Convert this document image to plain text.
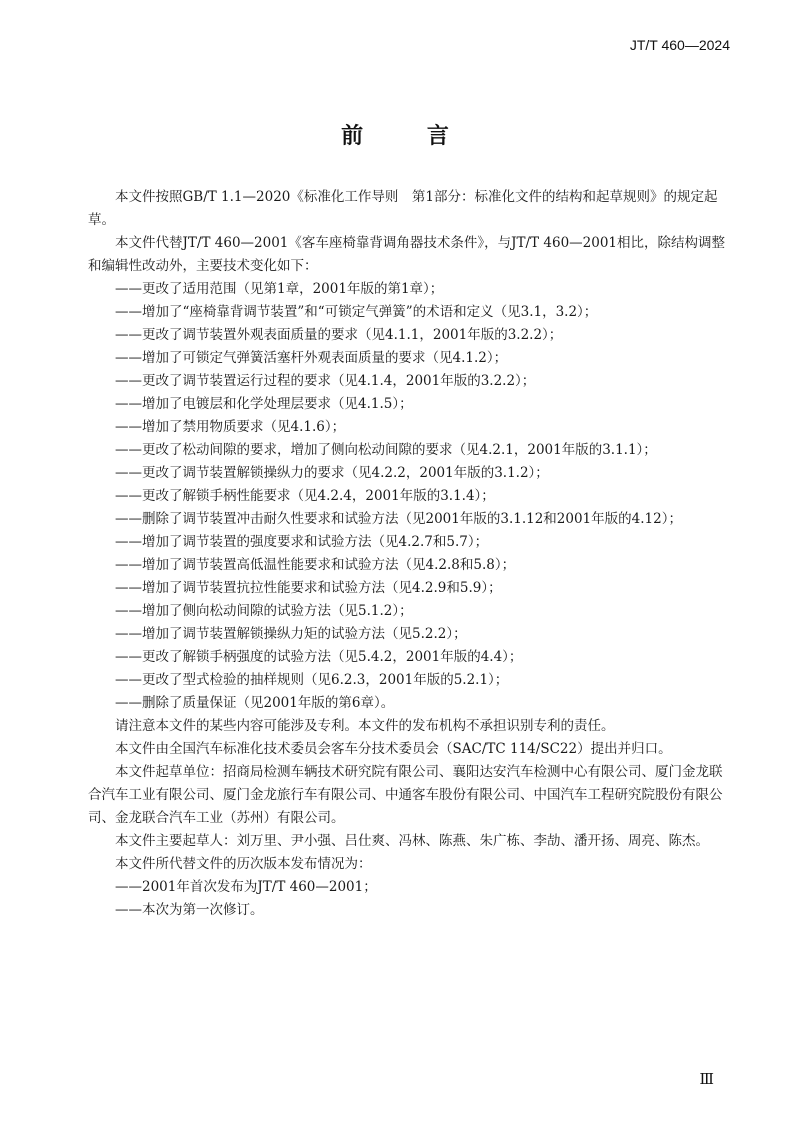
JT/T 460—2024
前 言

本文件按照GB/T 1.1—2020《标准化工作导则　第1部分：标准化文件的结构和起草规则》的规定起草。

本文件代替JT/T 460—2001《客车座椅靠背调角器技术条件》，与JT/T 460—2001相比，除结构调整和编辑性改动外，主要技术变化如下：

——更改了适用范围（见第1章，2001年版的第1章）；

——增加了“座椅靠背调节装置”和“可锁定气弹簧”的术语和定义（见3.1，3.2）；

——更改了调节装置外观表面质量的要求（见4.1.1，2001年版的3.2.2）；

——增加了可锁定气弹簧活塞杆外观表面质量的要求（见4.1.2）；

——更改了调节装置运行过程的要求（见4.1.4，2001年版的3.2.2）；

——增加了电镀层和化学处理层要求（见4.1.5）；

——增加了禁用物质要求（见4.1.6）；

——更改了松动间隙的要求，增加了侧向松动间隙的要求（见4.2.1，2001年版的3.1.1）；

——更改了调节装置解锁操纵力的要求（见4.2.2，2001年版的3.1.2）；

——更改了解锁手柄性能要求（见4.2.4，2001年版的3.1.4）；

——删除了调节装置冲击耐久性要求和试验方法（见2001年版的3.1.12和2001年版的4.12）；

——增加了调节装置的强度要求和试验方法（见4.2.7和5.7）；

——增加了调节装置高低温性能要求和试验方法（见4.2.8和5.8）；

——增加了调节装置抗拉性能要求和试验方法（见4.2.9和5.9）；

——增加了侧向松动间隙的试验方法（见5.1.2）；

——增加了调节装置解锁操纵力矩的试验方法（见5.2.2）；

——更改了解锁手柄强度的试验方法（见5.4.2，2001年版的4.4）；

——更改了型式检验的抽样规则（见6.2.3，2001年版的5.2.1）；

——删除了质量保证（见2001年版的第6章）。

请注意本文件的某些内容可能涉及专利。本文件的发布机构不承担识别专利的责任。

本文件由全国汽车标准化技术委员会客车分技术委员会（SAC/TC 114/SC22）提出并归口。

本文件起草单位：招商局检测车辆技术研究院有限公司、襄阳达安汽车检测中心有限公司、厦门金龙联合汽车工业有限公司、厦门金龙旅行车有限公司、中通客车股份有限公司、中国汽车工程研究院股份有限公司、金龙联合汽车工业（苏州）有限公司。

本文件主要起草人：刘万里、尹小强、吕仕爽、冯林、陈燕、朱广栋、李劼、潘开扬、周亮、陈杰。

本文件所代替文件的历次版本发布情况为：

——2001年首次发布为JT/T 460—2001；

——本次为第一次修订。

Ⅲ
